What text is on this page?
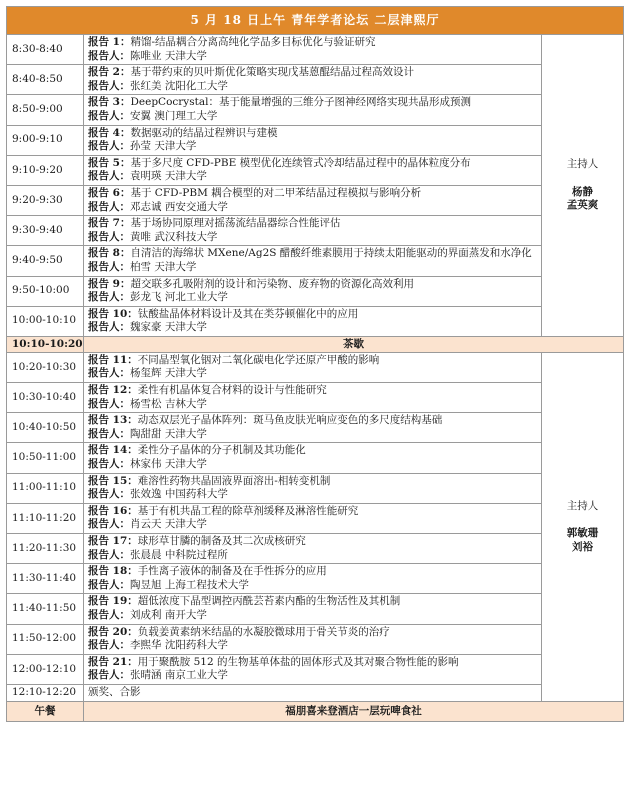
5 月 18 日上午 青年学者论坛 二层津熙厅		
8:30-8:40	报告 1：精馏-结晶耦合分离高纯化学品多目标优化与验证研究
报告人：陈唯业 天津大学	主持人
杨静
孟英爽

8:40-8:50	报告 2：基于带约束的贝叶斯优化策略实现戊基蒽醌结晶过程高效设计
报告人：张红美 沈阳化工大学	

8:50-9:00	报告 3：DeepCocrystal：基于能量增强的三维分子图神经网络实现共晶形成预测
报告人：安翼 澳门理工大学	

9:00-9:10	报告 4：数据驱动的结晶过程辨识与建模
报告人：孙莹 天津大学	

9:10-9:20	报告 5：基于多尺度 CFD-PBE 模型优化连续管式冷却结晶过程中的晶体粒度分布
报告人：袁明瑛 天津大学	

9:20-9:30	报告 6：基于 CFD-PBM 耦合模型的对二甲苯结晶过程模拟与影响分析
报告人：邓志诚 西安交通大学	

9:30-9:40	报告 7：基于场协同原理对摇荡流结晶器综合性能评估
报告人：黄唯 武汉科技大学	

9:40-9:50	报告 8：自清洁的海绵状 MXene/Ag2S 醋酸纤维素膜用于持续太阳能驱动的界面蒸发和水净化
报告人：柏雪 天津大学	

9:50-10:00	报告 9：超交联多孔吸附剂的设计和污染物、废弃物的资源化高效利用
报告人：彭龙飞 河北工业大学	

10:00-10:10	报告 10：钛酸盐晶体材料设计及其在类芬顿催化中的应用
报告人：魏家豪 天津大学	

10:10-10:20	茶歇	
10:20-10:30	报告 11：不同晶型氧化铟对二氧化碳电化学还原产甲酸的影响
报告人：杨玺辉 天津大学	主持人
郭敏珊
刘裕

10:30-10:40	报告 12：柔性有机晶体复合材料的设计与性能研究
报告人：杨雪松 吉林大学	

10:40-10:50	报告 13：动态双层光子晶体阵列：斑马鱼皮肤光响应变色的多尺度结构基础
报告人：陶甜甜 天津大学	

10:50-11:00	报告 14：柔性分子晶体的分子机制及其功能化
报告人：林家伟 天津大学	

11:00-11:10	报告 15：难溶性药物共晶固液界面溶出-相转变机制
报告人：张效逸 中国药科大学	

11:10-11:20	报告 16：基于有机共晶工程的除草剂缓释及淋溶性能研究
报告人：肖云天 天津大学	

11:20-11:30	报告 17：球形草甘膦的制备及其二次成核研究
报告人：张晨晨 中科院过程所	

11:30-11:40	报告 18：手性离子液体的制备及在手性拆分的应用
报告人：陶昱旭 上海工程技术大学	

11:40-11:50	报告 19：超低浓度下晶型调控丙酰芸苔素内酯的生物活性及其机制
报告人：刘成利 南开大学	

11:50-12:00	报告 20：负载姜黄素纳米结晶的水凝胶微球用于骨关节炎的治疗
报告人：李熙华 沈阳药科大学	

12:00-12:10	报告 21：用于聚酰胺 512 的生物基单体盐的固体形式及其对聚合物性能的影响
报告人：张晴涵 南京工业大学	

12:10-12:20	颁奖、合影	
午餐	福朋喜来登酒店一层玩啤食社	
